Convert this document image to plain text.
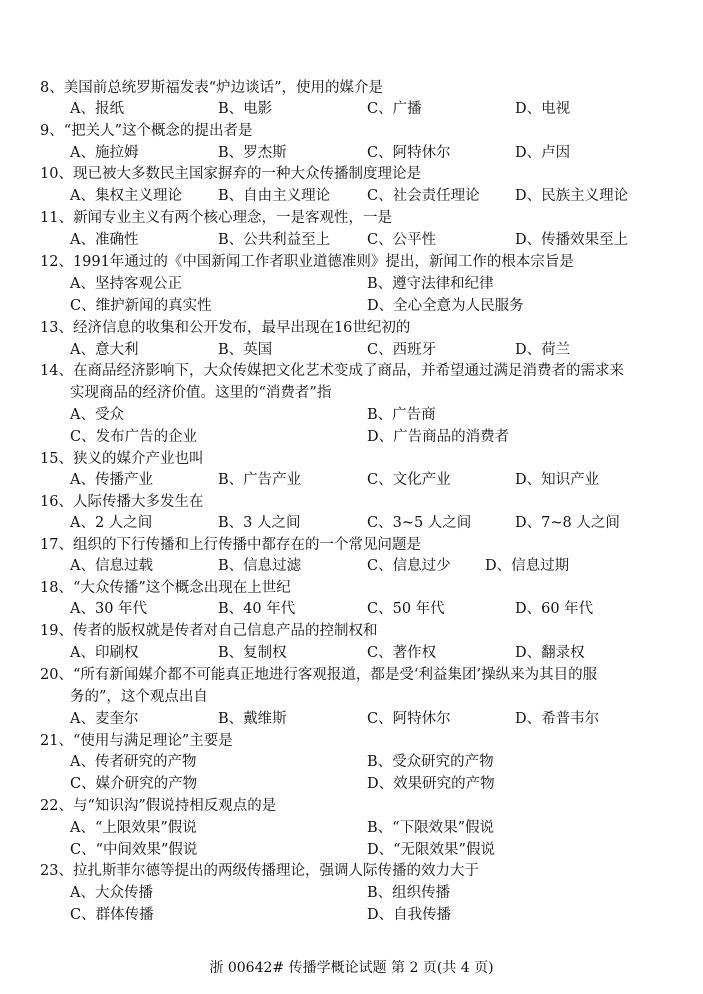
8、美国前总统罗斯福发表“炉边谈话”，使用的媒介是
A、报纸	B、电影	C、广播	D、电视
9、“把关人”这个概念的提出者是
A、施拉姆	B、罗杰斯	C、阿特休尔	D、卢因
10、现已被大多数民主国家摒弃的一种大众传播制度理论是
A、集权主义理论 B、自由主义理论	C、社会责任理论 D、民族主义理论
11、新闻专业主义有两个核心理念，一是客观性，一是
A、准确性	B、公共利益至上	C、公平性	D、传播效果至上
12、1991年通过的《中国新闻工作者职业道德准则》提出，新闻工作的根本宗旨是
A、坚持客观公正	B、遵守法律和纪律
C、维护新闻的真实性	D、全心全意为人民服务
13、经济信息的收集和公开发布，最早出现在16世纪初的
A、意大利	B、英国	C、西班牙	D、荷兰
14、在商品经济影响下，大众传媒把文化艺术变成了商品，并希望通过满足消费者的需求来
实现商品的经济价值。这里的“消费者”指
A、受众	B、广告商
C、发布广告的企业	D、广告商品的消费者
15、狭义的媒介产业也叫
A、传播产业	B、广告产业	C、文化产业	D、知识产业
16、人际传播大多发生在
A、2 人之间	B、3 人之间	C、3~5 人之间	D、7~8 人之间
17、组织的下行传播和上行传播中都存在的一个常见问题是
A、信息过载	B、信息过滤	C、信息过少 D、信息过期
18、“大众传播”这个概念出现在上世纪
A、30 年代	B、40 年代	C、50 年代	D、60 年代
19、传者的版权就是传者对自己信息产品的控制权和
A、印刷权	B、复制权	C、著作权	D、翻录权
20、“所有新闻媒介都不可能真正地进行客观报道，都是受‘利益集团’操纵来为其目的服
务的”，这个观点出自
A、麦奎尔	B、戴维斯	C、阿特休尔	D、希普韦尔
21、“使用与满足理论”主要是
A、传者研究的产物	B、受众研究的产物
C、媒介研究的产物	D、效果研究的产物
22、与“知识沟”假说持相反观点的是
A、“上限效果”假说	B、“下限效果”假说
C、“中间效果”假说	D、“无限效果”假说
23、拉扎斯菲尔德等提出的两级传播理论，强调人际传播的效力大于
A、大众传播	B、组织传播
C、群体传播	D、自我传播
浙 00642# 传播学概论试题 第 2 页(共 4 页)
